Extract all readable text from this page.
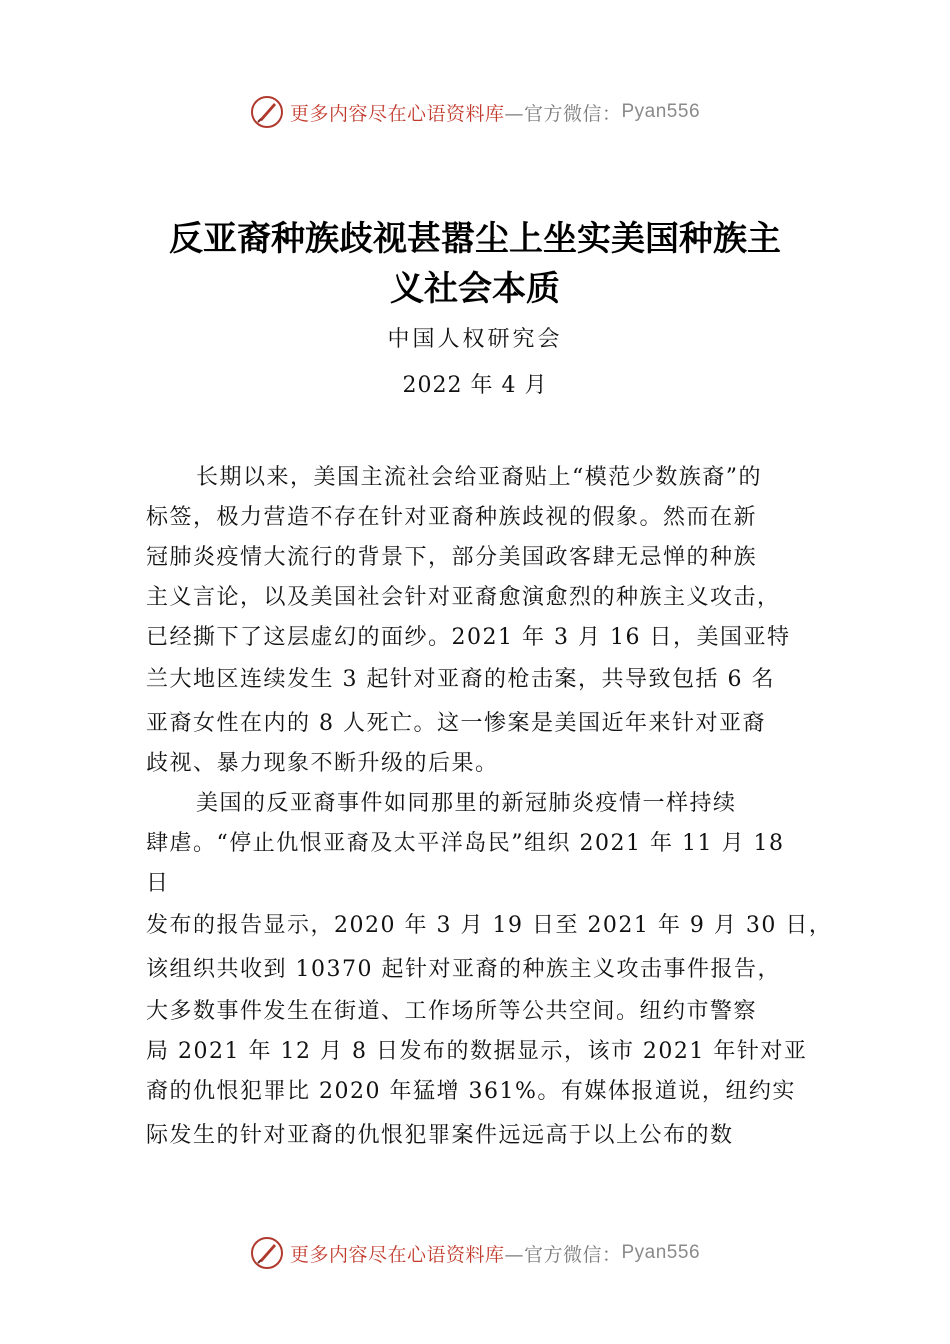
更多内容尽在心语资料库 —官方微信： Pyan556
反亚裔种族歧视甚嚣尘上坐实美国种族主
义社会本质
中国人权研究会
2022 年 4 月
长期以来，美国主流社会给亚裔贴上“模范少数族裔”的
标签，极力营造不存在针对亚裔种族歧视的假象。然而在新
冠肺炎疫情大流行的背景下，部分美国政客肆无忌惮的种族
主义言论，以及美国社会针对亚裔愈演愈烈的种族主义攻击，
已经撕下了这层虚幻的面纱。2021 年 3 月 16 日，美国亚特
兰大地区连续发生 3 起针对亚裔的枪击案，共导致包括 6 名
亚裔女性在内的 8 人死亡。这一惨案是美国近年来针对亚裔
歧视、暴力现象不断升级的后果。
美国的反亚裔事件如同那里的新冠肺炎疫情一样持续
肆虐。“停止仇恨亚裔及太平洋岛民”组织 2021 年 11 月 18
日
发布的报告显示，2020 年 3 月 19 日至 2021 年 9 月 30 日，
该组织共收到 10370 起针对亚裔的种族主义攻击事件报告，
大多数事件发生在街道、工作场所等公共空间。纽约市警察
局 2021 年 12 月 8 日发布的数据显示，该市 2021 年针对亚
裔的仇恨犯罪比 2020 年猛增 361%。有媒体报道说，纽约实
际发生的针对亚裔的仇恨犯罪案件远远高于以上公布的数
更多内容尽在心语资料库 —官方微信： Pyan556
